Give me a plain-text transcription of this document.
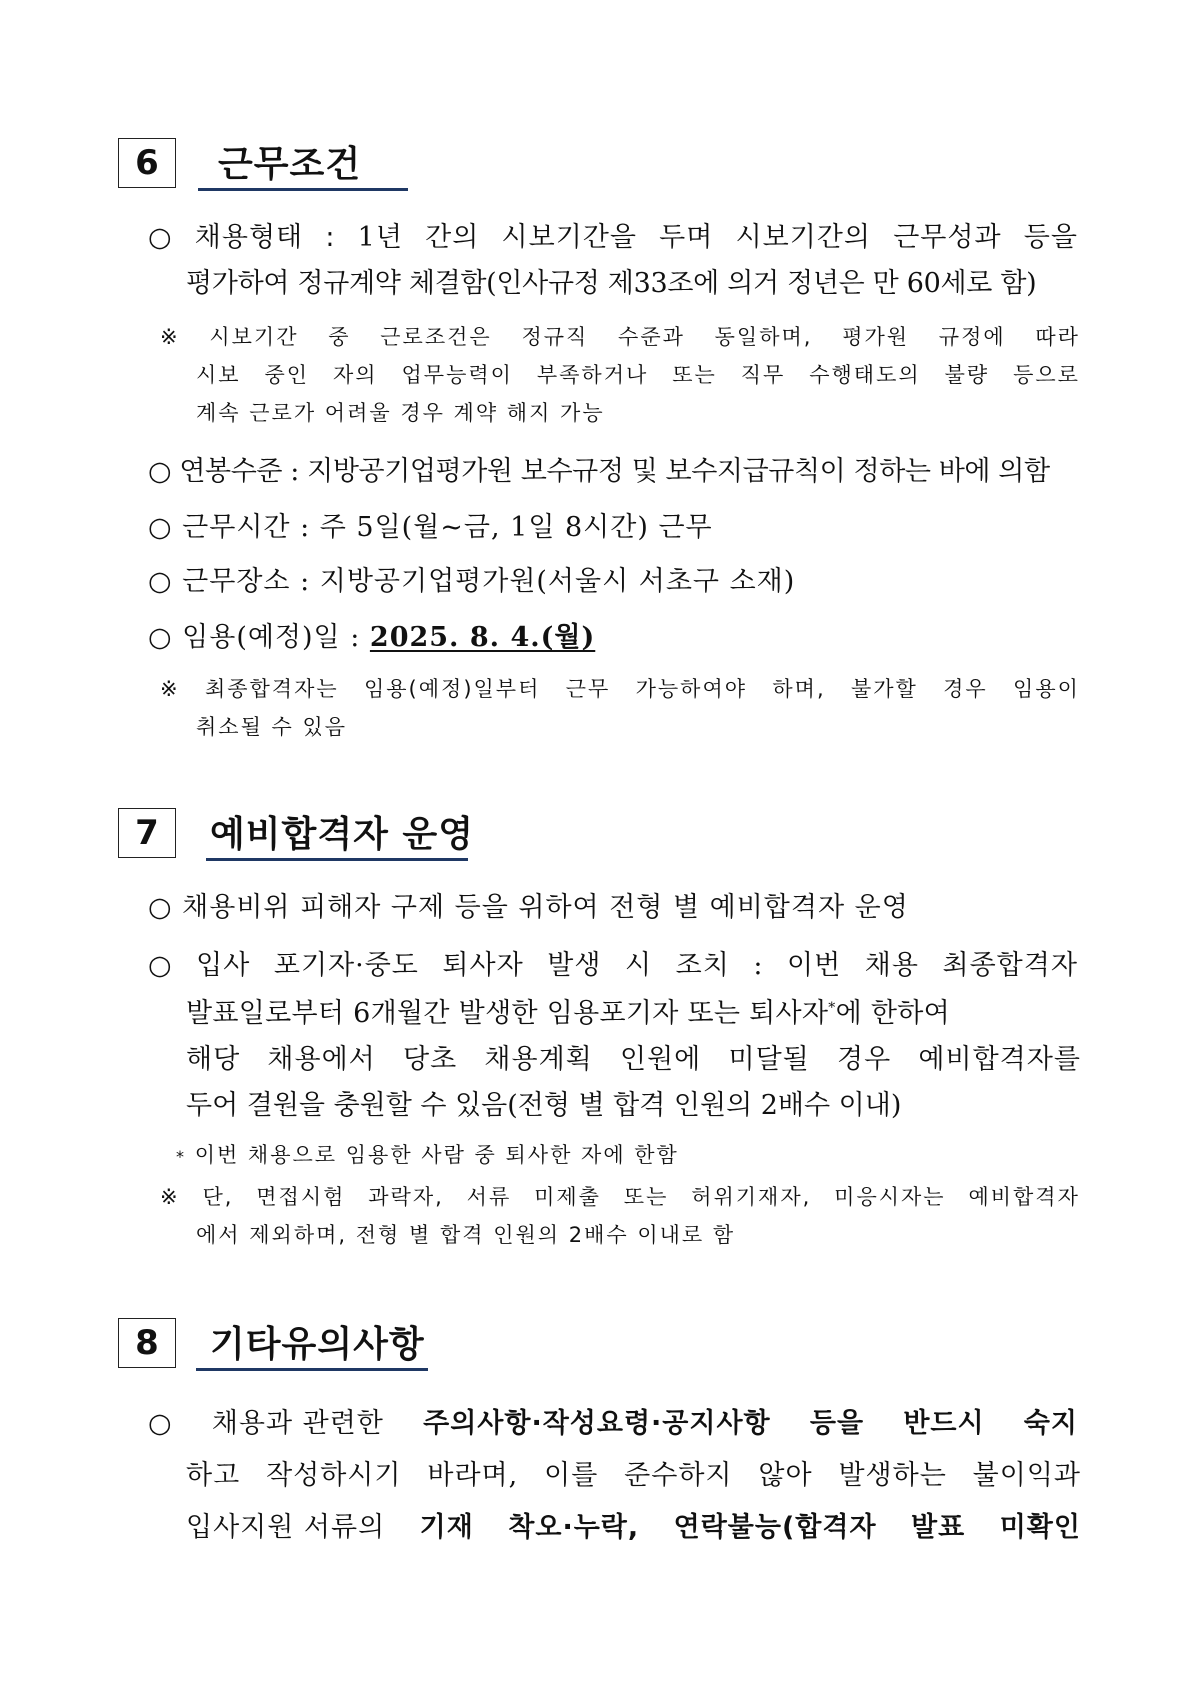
6	근무조건
○ 채용형태 : 1년 간의 시보기간을 두며 시보기간의 근무성과 등을
평가하여 정규계약 체결함(인사규정 제33조에 의거 정년은 만 60세로 함)
※ 시보기간 중 근로조건은 정규직 수준과 동일하며, 평가원 규정에 따라
시보 중인 자의 업무능력이 부족하거나 또는 직무 수행태도의 불량 등으로
계속 근로가 어려울 경우 계약 해지 가능
○ 연봉수준 : 지방공기업평가원 보수규정 및 보수지급규칙이 정하는 바에 의함
○ 근무시간 : 주 5일(월~금, 1일 8시간) 근무
○ 근무장소 : 지방공기업평가원(서울시 서초구 소재)
○ 임용(예정)일 : 2025. 8. 4.(월)
※ 최종합격자는 임용(예정)일부터 근무 가능하여야 하며, 불가할 경우 임용이
취소될 수 있음
7	예비합격자 운영
○ 채용비위 피해자 구제 등을 위하여 전형 별 예비합격자 운영
○ 입사 포기자·중도 퇴사자 발생 시 조치 : 이번 채용 최종합격자
발표일로부터 6개월간 발생한 임용포기자 또는 퇴사자*에 한하여
해당 채용에서 당초 채용계획 인원에 미달될 경우 예비합격자를
두어 결원을 충원할 수 있음(전형 별 합격 인원의 2배수 이내)
* 이번 채용으로 임용한 사람 중 퇴사한 자에 한함
※ 단, 면접시험 과락자, 서류 미제출 또는 허위기재자, 미응시자는 예비합격자
에서 제외하며, 전형 별 합격 인원의 2배수 이내로 함
8	기타유의사항
○ 채용과 관련한 주의사항·작성요령·공지사항 등을 반드시 숙지
하고 작성하시기 바라며, 이를 준수하지 않아 발생하는 불이익과
입사지원 서류의 기재 착오·누락, 연락불능(합격자 발표 미확인
